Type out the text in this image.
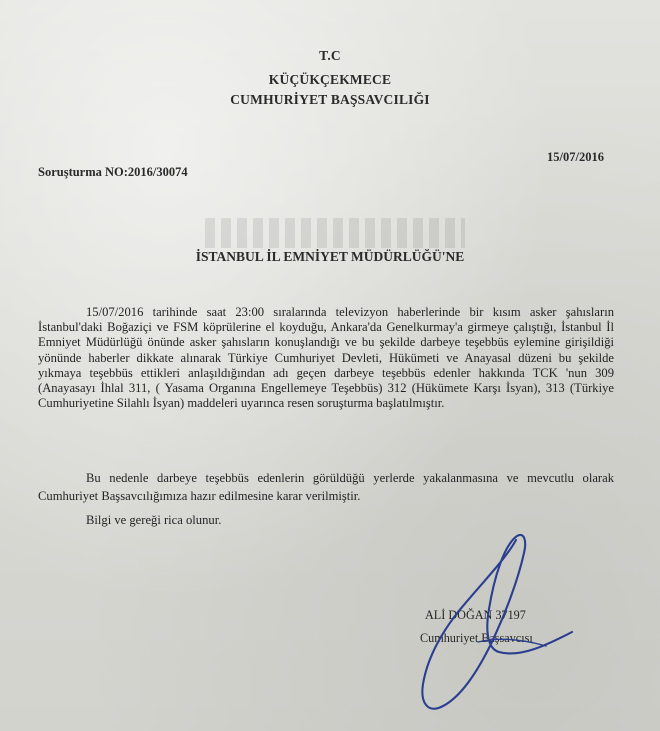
T.C
KÜÇÜKÇEKMECE
CUMHURİYET BAŞSAVCILIĞI
15/07/2016
Soruşturma NO:2016/30074
İSTANBUL İL EMNİYET MÜDÜRLÜĞÜ'NE

15/07/2016 tarihinde saat 23:00 sıralarında televizyon haberlerinde bir kısım asker şahısların İstanbul'daki Boğaziçi ve FSM köprülerine el koyduğu, Ankara'da Genelkurmay'a girmeye çalıştığı, İstanbul İl Emniyet Müdürlüğü önünde asker şahısların konuşlandığı ve bu şekilde darbeye teşebbüs eylemine girişildiği yönünde haberler dikkate alınarak Türkiye Cumhuriyet Devleti, Hükümeti ve Anayasal düzeni bu şekilde yıkmaya teşebbüs ettikleri anlaşıldığından adı geçen darbeye teşebbüs edenler hakkında TCK 'nun 309 (Anayasayı İhlal 311, ( Yasama Organına Engellemeye Teşebbüs) 312 (Hükümete Karşı İsyan), 313 (Türkiye Cumhuriyetine Silahlı İsyan) maddeleri uyarınca resen soruşturma başlatılmıştır.

Bu nedenle darbeye teşebbüs edenlerin görüldüğü yerlerde yakalanmasına ve mevcutlu olarak Cumhuriyet Başsavcılığımıza hazır edilmesine karar verilmiştir.

Bilgi ve gereği rica olunur.
ALİ DOĞAN 37197
Cumhuriyet Başsavcısı
